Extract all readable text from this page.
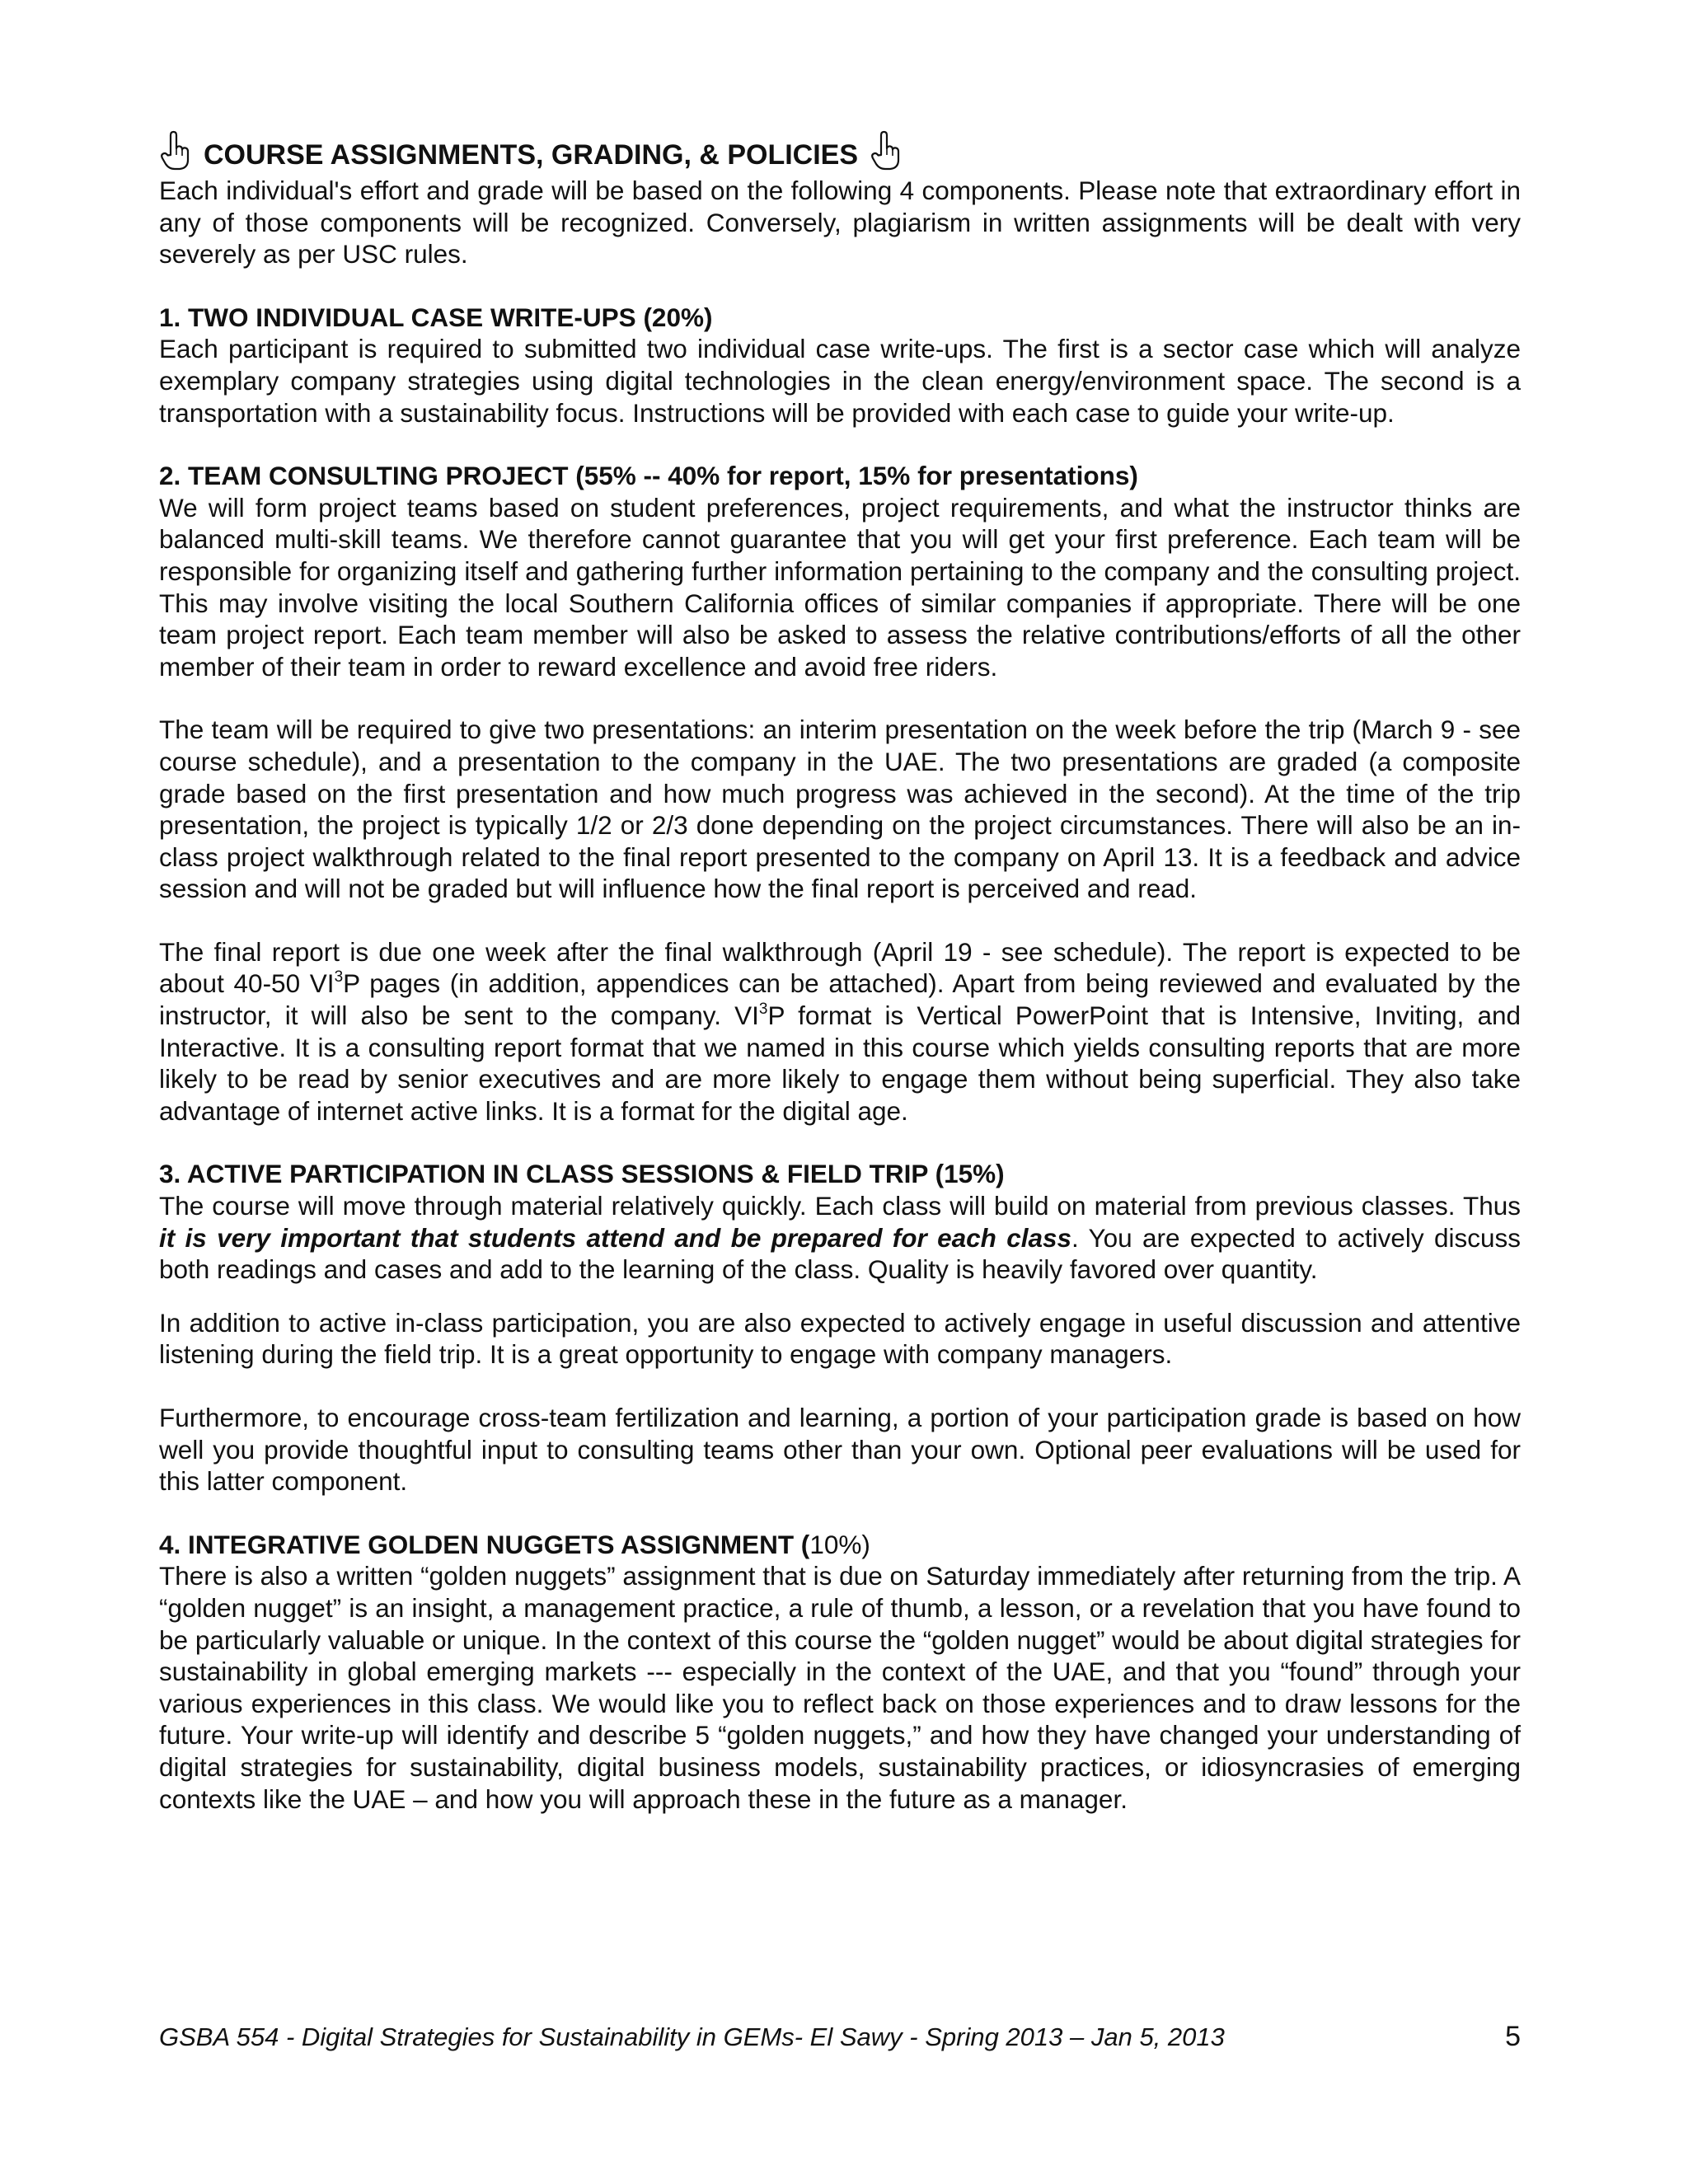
COURSE ASSIGNMENTS, GRADING, & POLICIES

Each individual's effort and grade will be based on the following 4 components. Please note that extraordinary effort in any of those components will be recognized. Conversely, plagiarism in written assignments will be dealt with very severely as per USC rules.

1. TWO INDIVIDUAL CASE WRITE-UPS (20%)

Each participant is required to submitted two individual case write-ups. The first is a sector case which will analyze exemplary company strategies using digital technologies in the clean energy/environment space. The second is a transportation with a sustainability focus. Instructions will be provided with each case to guide your write-up.

2. TEAM CONSULTING PROJECT (55% -- 40% for report, 15% for presentations)

We will form project teams based on student preferences, project requirements, and what the instructor thinks are balanced multi-skill teams. We therefore cannot guarantee that you will get your first preference. Each team will be responsible for organizing itself and gathering further information pertaining to the company and the consulting project. This may involve visiting the local Southern California offices of similar companies if appropriate. There will be one team project report. Each team member will also be asked to assess the relative contributions/efforts of all the other member of their team in order to reward excellence and avoid free riders.

The team will be required to give two presentations: an interim presentation on the week before the trip (March 9 - see course schedule), and a presentation to the company in the UAE. The two presentations are graded (a composite grade based on the first presentation and how much progress was achieved in the second). At the time of the trip presentation, the project is typically 1/2 or 2/3 done depending on the project circumstances. There will also be an in-class project walkthrough related to the final report presented to the company on April 13. It is a feedback and advice session and will not be graded but will influence how the final report is perceived and read.

The final report is due one week after the final walkthrough (April 19 - see schedule). The report is expected to be about 40-50 $VI^3P$ pages (in addition, appendices can be attached). Apart from being reviewed and evaluated by the instructor, it will also be sent to the company. $VI^3P$ format is Vertical PowerPoint that is Intensive, Inviting, and Interactive. It is a consulting report format that we named in this course which yields consulting reports that are more likely to be read by senior executives and are more likely to engage them without being superficial. They also take advantage of internet active links. It is a format for the digital age.

3. ACTIVE PARTICIPATION IN CLASS SESSIONS & FIELD TRIP (15%)

The course will move through material relatively quickly. Each class will build on material from previous classes. Thus it is very important that students attend and be prepared for each class. You are expected to actively discuss both readings and cases and add to the learning of the class. Quality is heavily favored over quantity.

In addition to active in-class participation, you are also expected to actively engage in useful discussion and attentive listening during the field trip. It is a great opportunity to engage with company managers.

Furthermore, to encourage cross-team fertilization and learning, a portion of your participation grade is based on how well you provide thoughtful input to consulting teams other than your own. Optional peer evaluations will be used for this latter component.

4. INTEGRATIVE GOLDEN NUGGETS ASSIGNMENT (10%)

There is also a written “golden nuggets” assignment that is due on Saturday immediately after returning from the trip. A “golden nugget” is an insight, a management practice, a rule of thumb, a lesson, or a revelation that you have found to be particularly valuable or unique. In the context of this course the “golden nugget” would be about digital strategies for sustainability in global emerging markets --- especially in the context of the UAE, and that you “found” through your various experiences in this class. We would like you to reflect back on those experiences and to draw lessons for the future. Your write-up will identify and describe 5 “golden nuggets,” and how they have changed your understanding of digital strategies for sustainability, digital business models, sustainability practices, or idiosyncrasies of emerging contexts like the UAE – and how you will approach these in the future as a manager.

GSBA 554 - Digital Strategies for Sustainability in GEMs- El Sawy - Spring 2013 – Jan 5, 2013	5
